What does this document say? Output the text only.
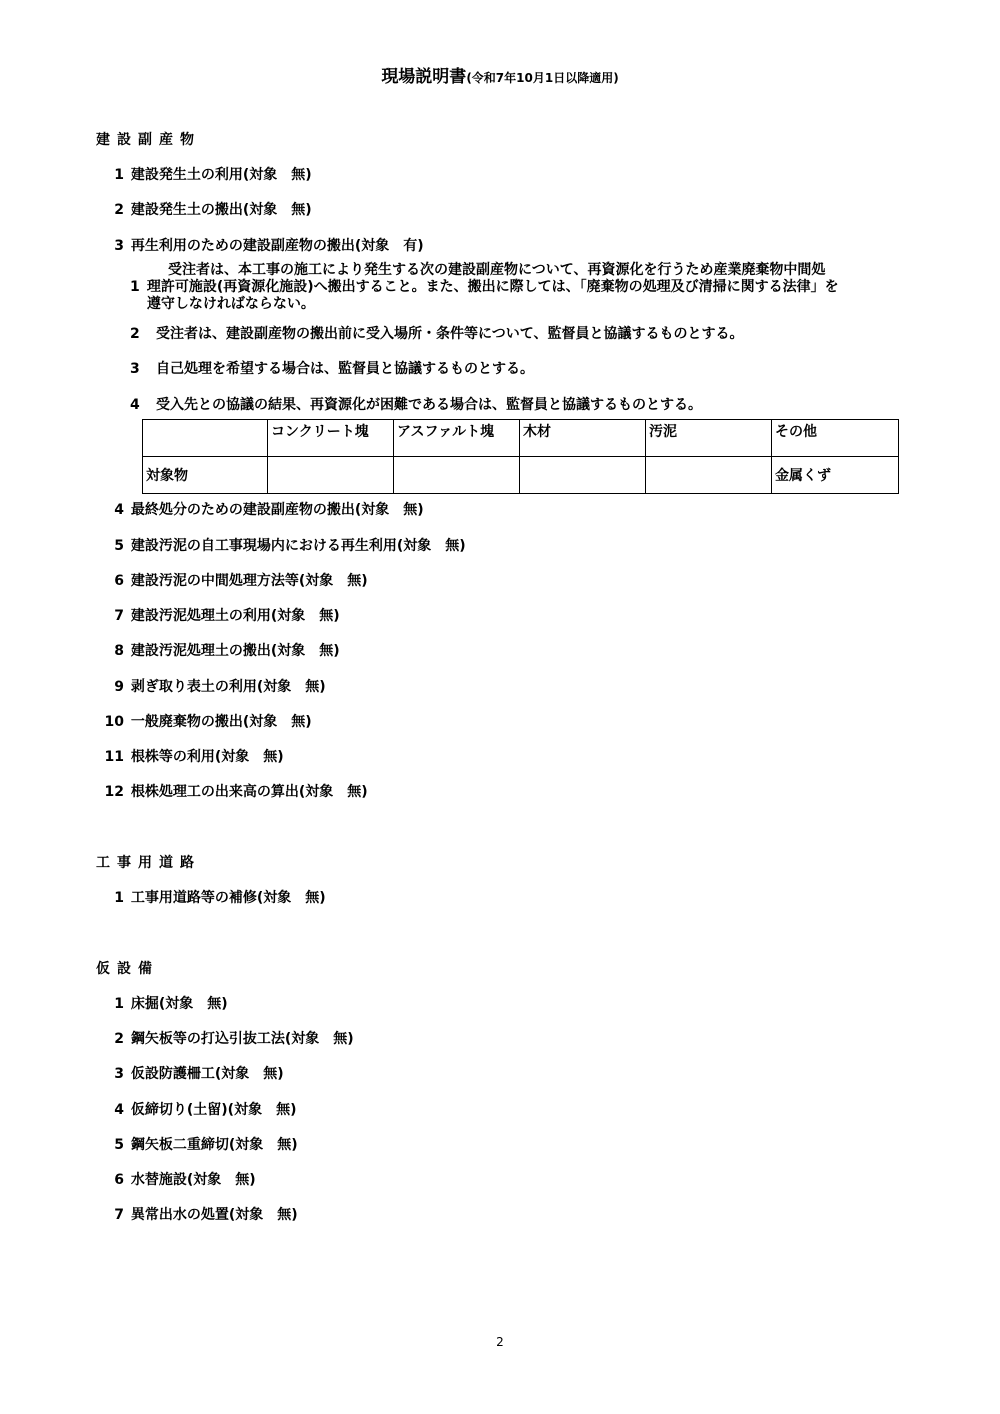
現場説明書(令和7年10月1日以降適用)
建設副産物
1 建設発生土の利用(対象　無)
2 建設発生土の搬出(対象　無)
3 再生利用のための建設副産物の搬出(対象　有)
受注者は、本工事の施工により発生する次の建設副産物について、再資源化を行うため産業廃棄物中間処
1 理許可施設(再資源化施設)へ搬出すること。また、搬出に際しては、「廃棄物の処理及び清掃に関する法律」を
遵守しなければならない。
2 受注者は、建設副産物の搬出前に受入場所・条件等について、監督員と協議するものとする。
3 自己処理を希望する場合は、監督員と協議するものとする。
4 受入先との協議の結果、再資源化が困難である場合は、監督員と協議するものとする。
	コンクリート塊	アスファルト塊	木材	汚泥	その他
対象物					金属くず
4 最終処分のための建設副産物の搬出(対象　無)
5 建設汚泥の自工事現場内における再生利用(対象　無)
6 建設汚泥の中間処理方法等(対象　無)
7 建設汚泥処理土の利用(対象　無)
8 建設汚泥処理土の搬出(対象　無)
9 剥ぎ取り表土の利用(対象　無)
10 一般廃棄物の搬出(対象　無)
11 根株等の利用(対象　無)
12 根株処理工の出来高の算出(対象　無)
工事用道路
1 工事用道路等の補修(対象　無)
仮設備
1 床掘(対象　無)
2 鋼矢板等の打込引抜工法(対象　無)
3 仮設防護柵工(対象　無)
4 仮締切り(土留)(対象　無)
5 鋼矢板二重締切(対象　無)
6 水替施設(対象　無)
7 異常出水の処置(対象　無)
2
